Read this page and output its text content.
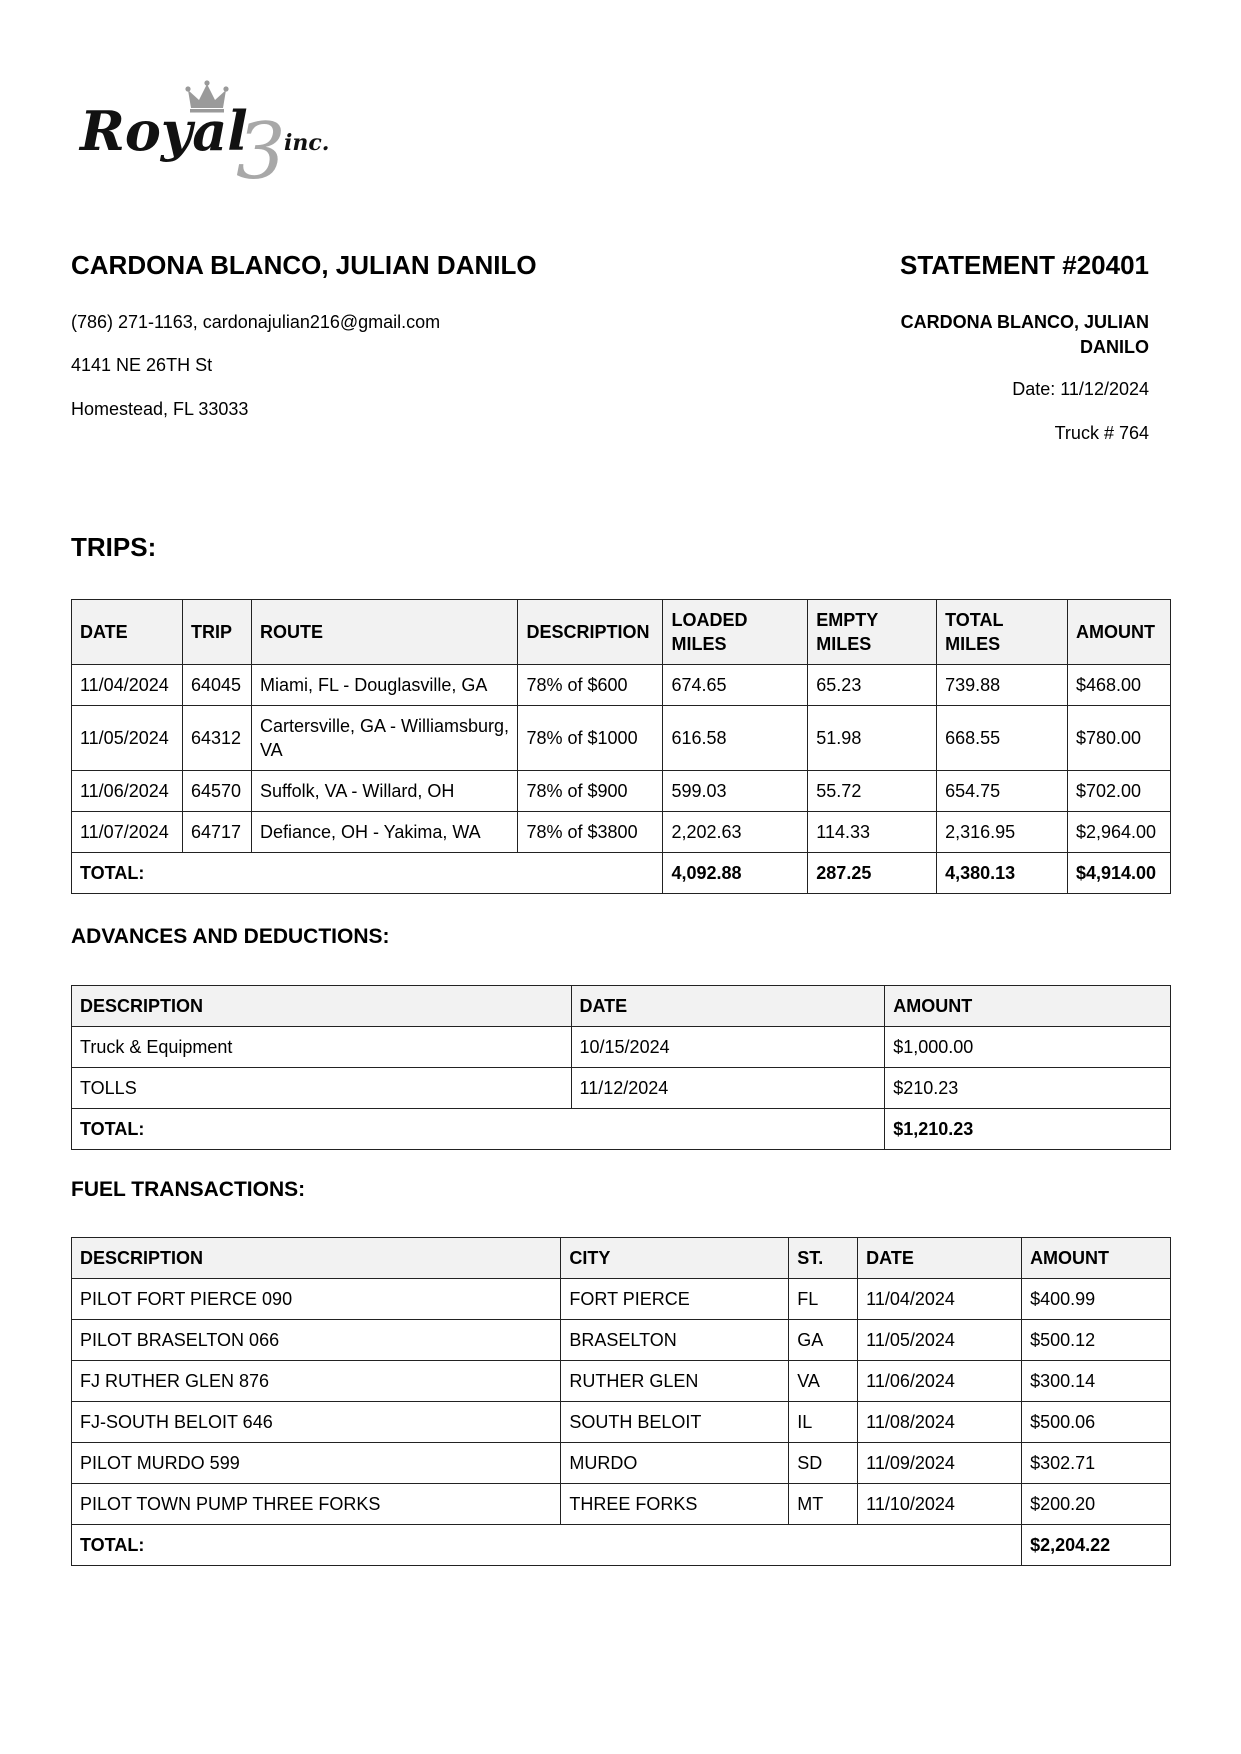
Royal
3
inc.
CARDONA BLANCO, JULIAN DANILO
(786) 271-1163, cardonajulian216@gmail.com
4141 NE 26TH St
Homestead, FL 33033
STATEMENT #20401
CARDONA BLANCO, JULIAN DANILO
Date: 11/12/2024
Truck # 764
TRIPS:
DATE	TRIP	ROUTE	DESCRIPTION	LOADED MILES	EMPTY MILES	TOTAL MILES	AMOUNT
11/04/2024	64045	Miami, FL - Douglasville, GA	78% of $600	674.65	65.23	739.88	$468.00
11/05/2024	64312	Cartersville, GA - Williamsburg, VA	78% of $1000	616.58	51.98	668.55	$780.00
11/06/2024	64570	Suffolk, VA - Willard, OH	78% of $900	599.03	55.72	654.75	$702.00
11/07/2024	64717	Defiance, OH - Yakima, WA	78% of $3800	2,202.63	114.33	2,316.95	$2,964.00
TOTAL:				4,092.88	287.25	4,380.13	$4,914.00
ADVANCES AND DEDUCTIONS:
DESCRIPTION	DATE	AMOUNT
Truck & Equipment	10/15/2024	$1,000.00
TOLLS	11/12/2024	$210.23
TOTAL:		$1,210.23
FUEL TRANSACTIONS:
DESCRIPTION	CITY	ST.	DATE	AMOUNT
PILOT FORT PIERCE 090	FORT PIERCE	FL	11/04/2024	$400.99
PILOT BRASELTON 066	BRASELTON	GA	11/05/2024	$500.12
FJ RUTHER GLEN 876	RUTHER GLEN	VA	11/06/2024	$300.14
FJ-SOUTH BELOIT 646	SOUTH BELOIT	IL	11/08/2024	$500.06
PILOT MURDO 599	MURDO	SD	11/09/2024	$302.71
PILOT TOWN PUMP THREE FORKS	THREE FORKS	MT	11/10/2024	$200.20
TOTAL:				$2,204.22
